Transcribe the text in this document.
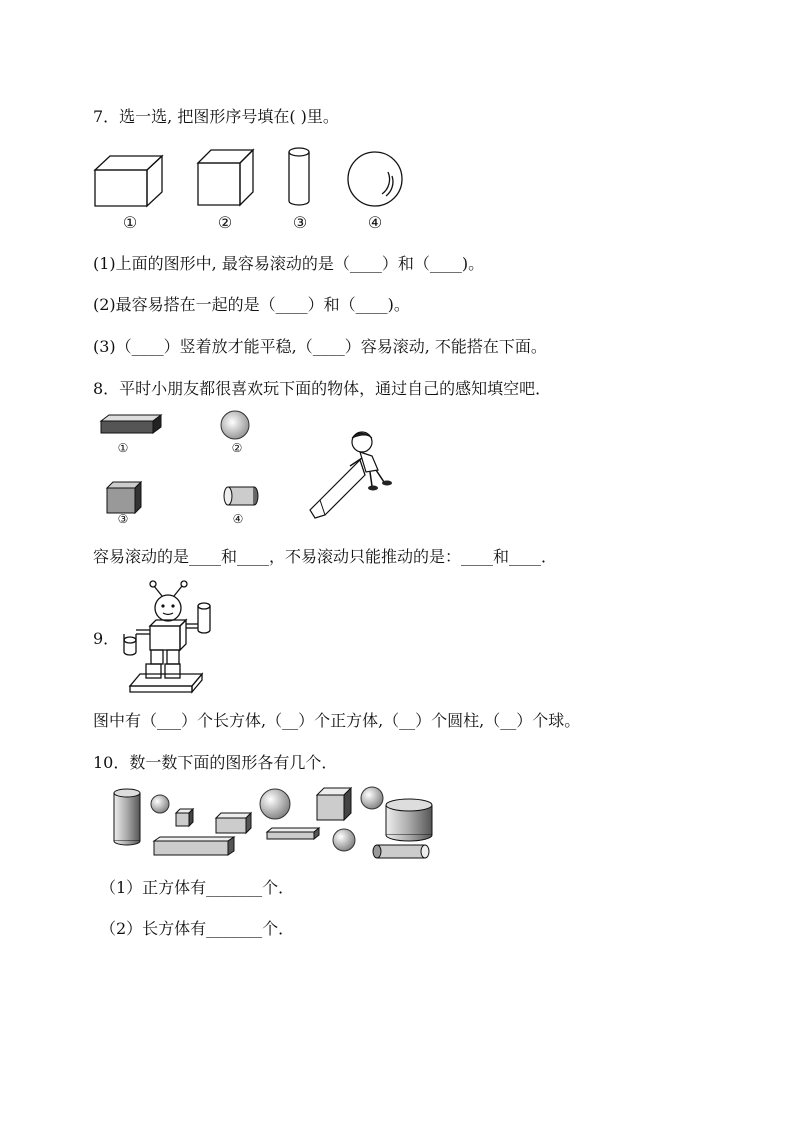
7．选一选, 把图形序号填在( )里。
①	②	③	④
(1)上面的图形中, 最容易滚动的是（____）和（____)。
(2)最容易搭在一起的是（____）和（____)。
(3)（____）竖着放才能平稳,（____）容易滚动, 不能搭在下面。
8．平时小朋友都很喜欢玩下面的物体，通过自己的感知填空吧．
①	②
③	④
容易滚动的是____和____，不易滚动只能推动的是：____和____．
9．
图中有（___）个长方体,（__）个正方体,（__）个圆柱,（__）个球。
10．数一数下面的图形各有几个．
（1）正方体有_______个．
（2）长方体有_______个．
